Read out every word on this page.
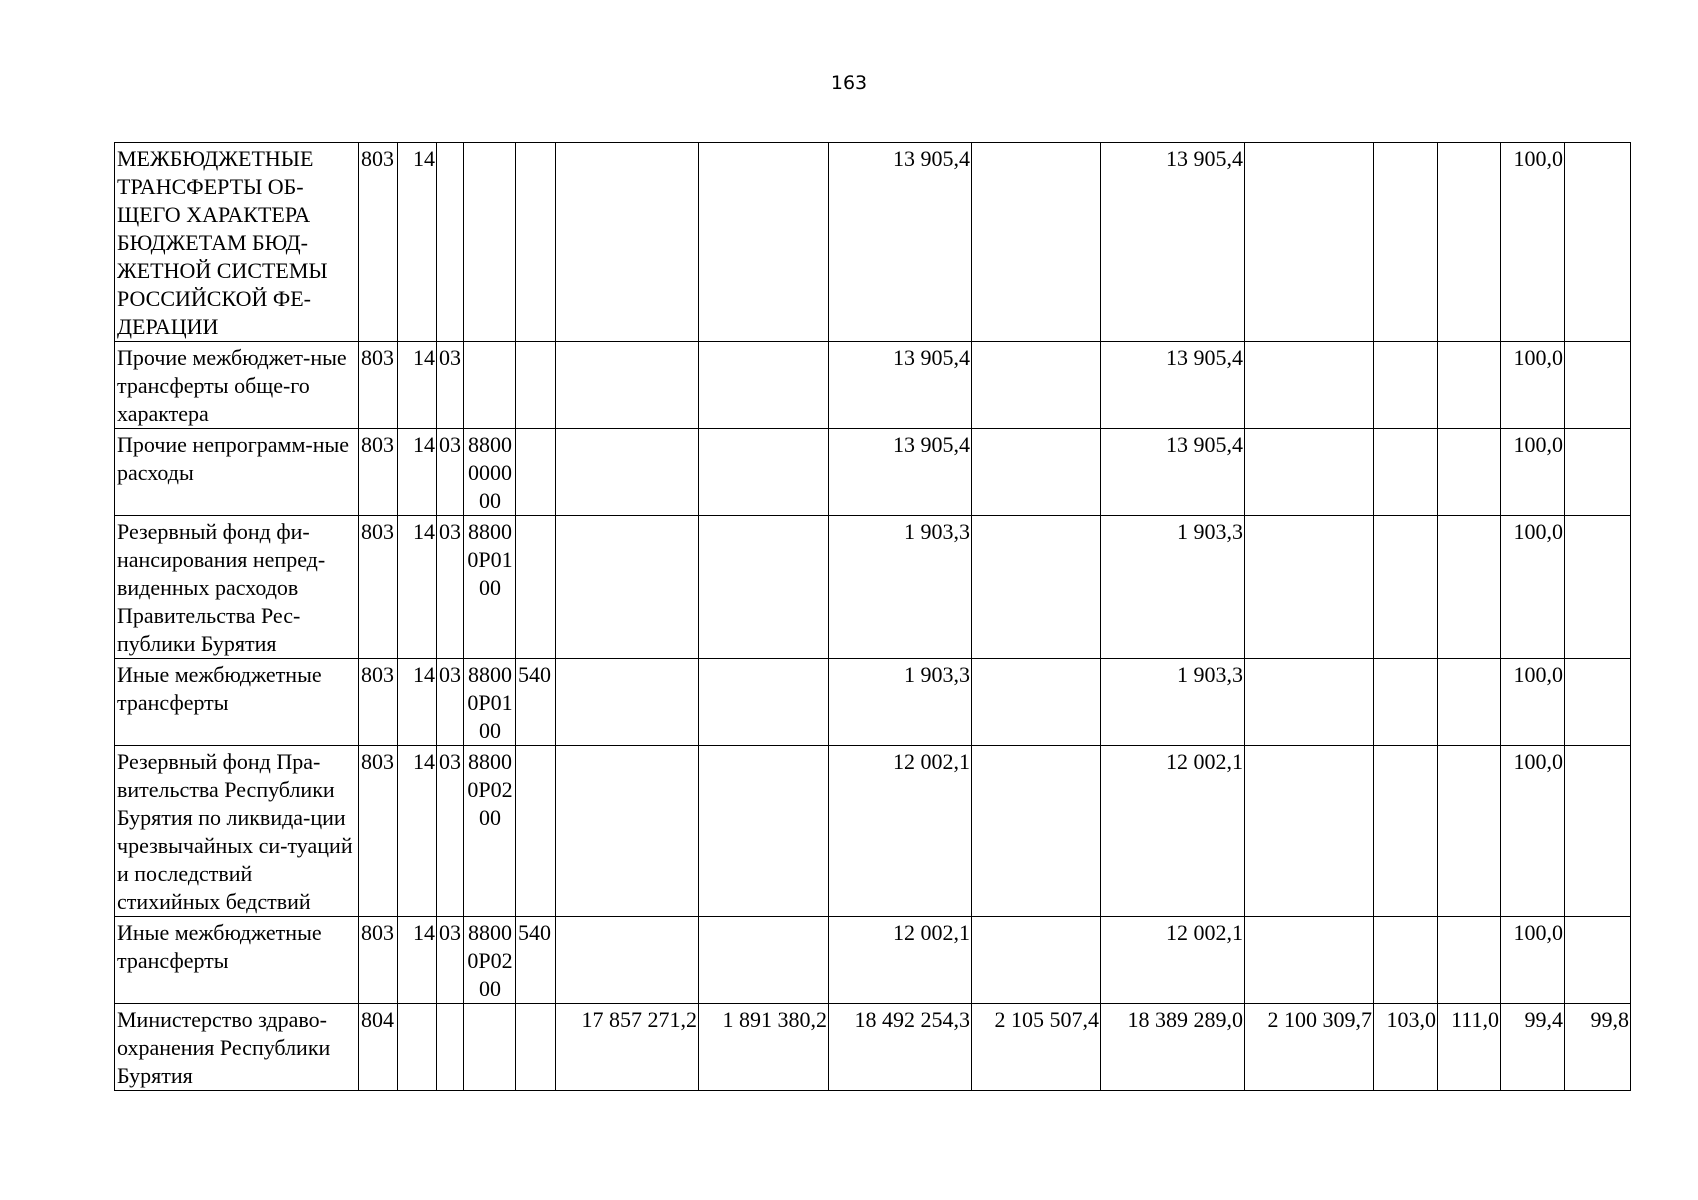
163
МЕЖБЮДЖЕТНЫЕ ТРАНСФЕРТЫ ОБ-ЩЕГО ХАРАКТЕРА БЮДЖЕТАМ БЮД-ЖЕТНОЙ СИСТЕМЫ РОССИЙСКОЙ ФЕ-ДЕРАЦИИ	803	14						13 905,4		13 905,4				100,0	
Прочие межбюджет-ные трансферты обще-го характера	803	14	03					13 905,4		13 905,4				100,0	
Прочие непрограмм-ные расходы	803	14	03	8800 0000 00				13 905,4		13 905,4				100,0	
Резервный фонд фи-нансирования непред-виденных расходов Правительства Рес-публики Бурятия	803	14	03	8800 0Р01 00				1 903,3		1 903,3				100,0	
Иные межбюджетные трансферты	803	14	03	8800 0Р01 00	540			1 903,3		1 903,3				100,0	
Резервный фонд Пра-вительства Республики Бурятия по ликвида-ции чрезвычайных си-туаций и последствий стихийных бедствий	803	14	03	8800 0Р02 00				12 002,1		12 002,1				100,0	
Иные межбюджетные трансферты	803	14	03	8800 0Р02 00	540			12 002,1		12 002,1				100,0	
Министерство здраво-охранения Республики Бурятия	804					17 857 271,2	1 891 380,2	18 492 254,3	2 105 507,4	18 389 289,0	2 100 309,7	103,0	111,0	99,4	99,8
